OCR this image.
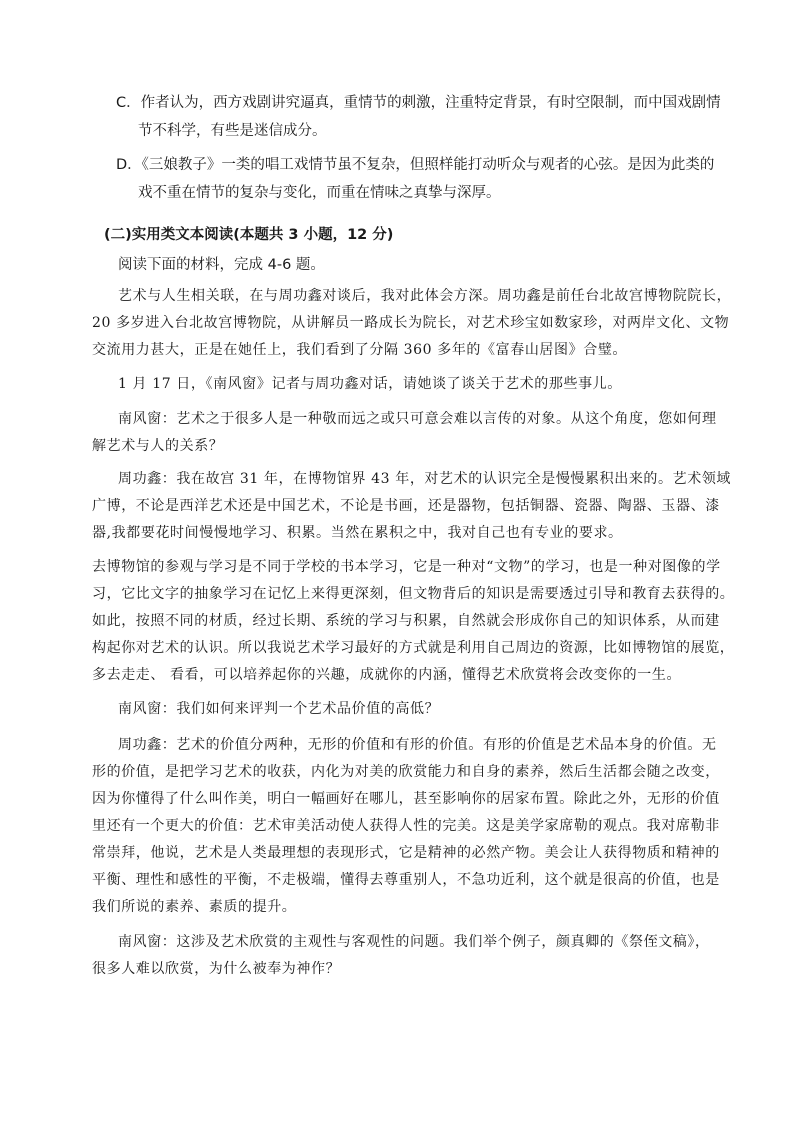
C．作者认为，西方戏剧讲究逼真，重情节的刺激，注重特定背景，有时空限制，而中国戏剧情
节不科学，有些是迷信成分。
D．《三娘教子》一类的唱工戏情节虽不复杂，但照样能打动听众与观者的心弦。是因为此类的
戏不重在情节的复杂与变化，而重在情味之真挚与深厚。
(二)实用类文本阅读(本题共 3 小题，12 分)
阅读下面的材料，完成 4-6 题。
艺术与人生相关联，在与周功鑫对谈后，我对此体会方深。周功鑫是前任台北故宫博物院院长，
20 多岁进入台北故宫博物院，从讲解员一路成长为院长，对艺术珍宝如数家珍，对两岸文化、文物
交流用力甚大，正是在她任上，我们看到了分隔 360 多年的《富春山居图》合璧。
1 月 17 日，《南风窗》记者与周功鑫对话，请她谈了谈关于艺术的那些事儿。
南风窗：艺术之于很多人是一种敬而远之或只可意会难以言传的对象。从这个角度，您如何理
解艺术与人的关系？
周功鑫：我在故宫 31 年，在博物馆界 43 年，对艺术的认识完全是慢慢累积出来的。艺术领域
广博，不论是西洋艺术还是中国艺术，不论是书画，还是器物，包括铜器、瓷器、陶器、玉器、漆
器,我都要花时间慢慢地学习、积累。当然在累积之中，我对自己也有专业的要求。
去博物馆的参观与学习是不同于学校的书本学习，它是一种对“文物”的学习，也是一种对图像的学
习，它比文字的抽象学习在记忆上来得更深刻，但文物背后的知识是需要透过引导和教育去获得的。
如此，按照不同的材质，经过长期、系统的学习与积累，自然就会形成你自己的知识体系，从而建
构起你对艺术的认识。所以我说艺术学习最好的方式就是利用自己周边的资源，比如博物馆的展览，
多去走走、 看看，可以培养起你的兴趣，成就你的内涵，懂得艺术欣赏将会改变你的一生。
南风窗：我们如何来评判一个艺术品价值的高低？
周功鑫：艺术的价值分两种，无形的价值和有形的价值。有形的价值是艺术品本身的价值。无
形的价值，是把学习艺术的收获，内化为对美的欣赏能力和自身的素养，然后生活都会随之改变，
因为你懂得了什么叫作美，明白一幅画好在哪儿，甚至影响你的居家布置。除此之外，无形的价值
里还有一个更大的价值：艺术审美活动使人获得人性的完美。这是美学家席勒的观点。我对席勒非
常崇拜，他说，艺术是人类最理想的表现形式，它是精神的必然产物。美会让人获得物质和精神的
平衡、理性和感性的平衡，不走极端，懂得去尊重别人，不急功近利，这个就是很高的价值，也是
我们所说的素养、素质的提升。
南风窗：这涉及艺术欣赏的主观性与客观性的问题。我们举个例子，颜真卿的《祭侄文稿》，
很多人难以欣赏，为什么被奉为神作？
